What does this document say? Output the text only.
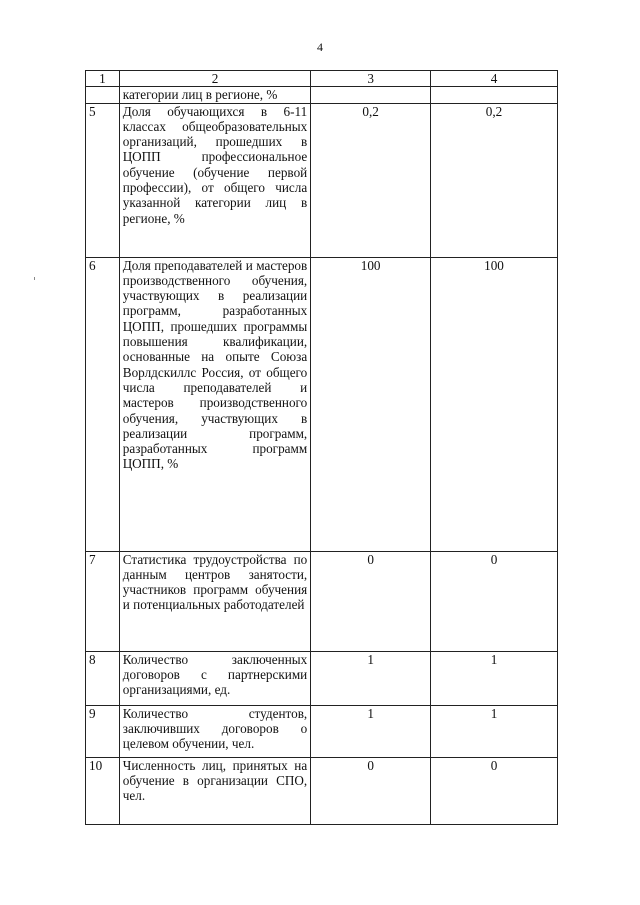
4
1	2	3	4
	категории лиц в регионе, %		
5	Доля обучающихся в 6-11 классах общеобразовательных организаций, прошедших в ЦОПП профессиональное обучение (обучение первой профессии), от общего числа указанной категории лиц в регионе, %	0,2	0,2
6	Доля преподавателей и мастеров производственного обучения, участвующих в реализации программ, разработанных ЦОПП, прошедших программы повышения квалификации, основанные на опыте Союза Ворлдскиллс Россия, от общего числа преподавателей и мастеров производственного обучения, участвующих в реализации программ, разработанных программ ЦОПП, %	100	100
7	Статистика трудоустройства по данным центров занятости, участников программ обучения и потенциальных работодателей	0	0
8	Количество заключенных договоров с партнерскими организациями, ед.	1	1
9	Количество студентов, заключивших договоров о целевом обучении, чел.	1	1
10	Численность лиц, принятых на обучение в организации СПО, чел.	0	0
